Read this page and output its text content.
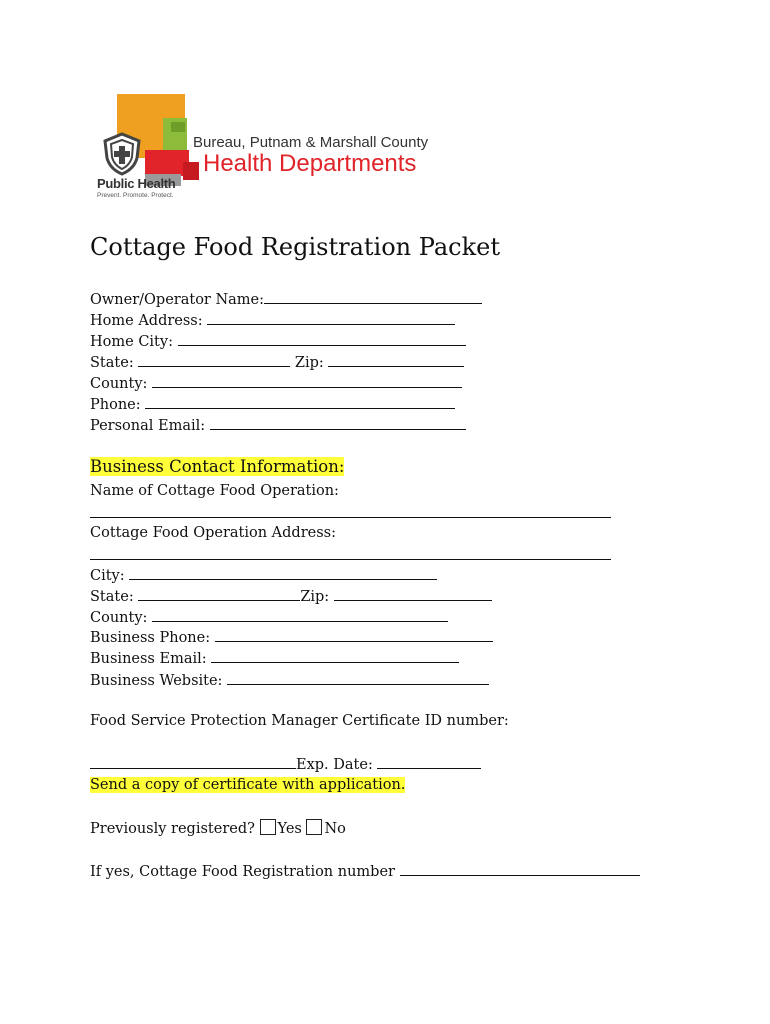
Public Health
Prevent. Promote. Protect.
Bureau, Putnam & Marshall County
Health Departments
Cottage Food Registration Packet
Owner/Operator Name:
Home Address:
Home City:
State:	Zip:
County:
Phone:
Personal Email:
Business Contact Information:
Name of Cottage Food Operation:
Cottage Food Operation Address:
City:
State:	Zip:
County:
Business Phone:
Business Email:
Business Website:
Food Service Protection Manager Certificate ID number:
Exp. Date:
Send a copy of certificate with application.
Previously registered? Yes No
If yes, Cottage Food Registration number
